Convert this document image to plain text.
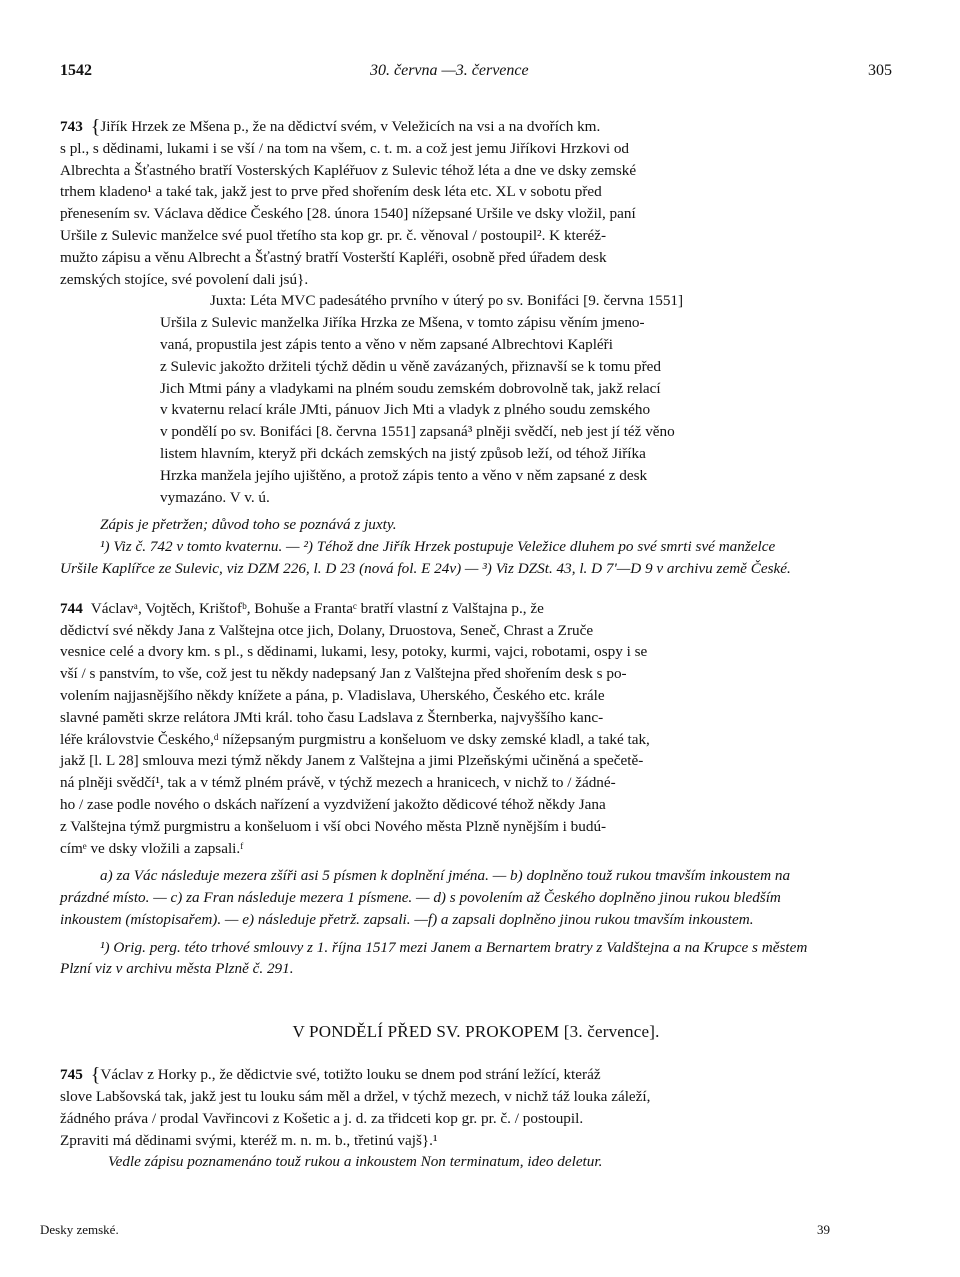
1542	30. června —3. července	305

743 {Jiřík Hrzek ze Mšena p., že na dědictví svém, v Veležicích na vsi a na dvořích km.

s pl., s dědinami, lukami i se vší / na tom na všem, c. t. m. a což jest jemu Jiříkovi Hrzkovi od

Albrechta a Šťastného bratří Vosterských Kapléřuov z Sulevic téhož léta a dne ve dsky zemské

trhem kladeno¹ a také tak, jakž jest to prve před shořením desk léta etc. XL v sobotu před

přenesením sv. Václava dědice Českého [28. února 1540] nížepsané Uršile ve dsky vložil, paní

Uršile z Sulevic manželce své puol třetího sta kop gr. pr. č. věnoval / postoupil². K kteréž-

mužto zápisu a věnu Albrecht a Šťastný bratří Vosterští Kapléři, osobně před úřadem desk

zemských stojíce, své povolení dali jsú}.

Juxta: Léta MVC padesátého prvního v úterý po sv. Bonifáci [9. června 1551]

Uršila z Sulevic manželka Jiříka Hrzka ze Mšena, v tomto zápisu věním jmeno-

vaná, propustila jest zápis tento a věno v něm zapsané Albrechtovi Kapléři

z Sulevic jakožto držiteli týchž dědin u věně zavázaných, přiznavší se k tomu před

Jich Mtmi pány a vladykami na plném soudu zemském dobrovolně tak, jakž relací

v kvaternu relací krále JMti, pánuov Jich Mti a vladyk z plného soudu zemského

v pondělí po sv. Bonifáci [8. června 1551] zapsaná³ plněji svědčí, neb jest jí též věno

listem hlavním, kteryž při dckách zemských na jistý způsob leží, od téhož Jiříka

Hrzka manžela jejího ujištěno, a protož zápis tento a věno v něm zapsané z desk

vymazáno. V v. ú.

Zápis je přetržen; důvod toho se poznává z juxty.

¹) Viz č. 742 v tomto kvaternu. — ²) Téhož dne Jiřík Hrzek postupuje Veležice dluhem po své smrti své manželce

Uršile Kaplířce ze Sulevic, viz DZM 226, l. D 23 (nová fol. E 24v) — ³) Viz DZSt. 43, l. D 7'—D 9 v archivu země České.

744 Václavᵃ, Vojtěch, Krištofᵇ, Bohuše a Frantaᶜ bratří vlastní z Valštajna p., že

dědictví své někdy Jana z Valštejna otce jich, Dolany, Druostova, Seneč, Chrast a Zruče

vesnice celé a dvory km. s pl., s dědinami, lukami, lesy, potoky, kurmi, vajci, robotami, ospy i se

vší / s panstvím, to vše, což jest tu někdy nadepsaný Jan z Valštejna před shořením desk s po-

volením najjasnějšího někdy knížete a pána, p. Vladislava, Uherského, Českého etc. krále

slavné paměti skrze relátora JMti král. toho času Ladslava z Šternberka, najvyššího kanc-

léře královstvie Českého,ᵈ nížepsaným purgmistru a konšeluom ve dsky zemské kladl, a také tak,

jakž [l. L 28] smlouva mezi týmž někdy Janem z Valštejna a jimi Plzeňskými učiněná a spečetě-

ná plněji svědčí¹, tak a v témž plném právě, v týchž mezech a hranicech, v nichž to / žádné-

ho / zase podle nového o dskách nařízení a vyzdvižení jakožto dědicové téhož někdy Jana

z Valštejna týmž purgmistru a konšeluom i vší obci Nového města Plzně nynějším i budú-

címᵉ ve dsky vložili a zapsali.ᶠ

a) za Vác následuje mezera zšíři asi 5 písmen k doplnění jména. — b) doplněno touž rukou tmavším inkoustem na

prázdné místo. — c) za Fran následuje mezera 1 písmene. — d) s povolením až Českého doplněno jinou rukou bledším

inkoustem (místopisařem). — e) následuje přetrž. zapsali. —f) a zapsali doplněno jinou rukou tmavším inkoustem.

¹) Orig. perg. této trhové smlouvy z 1. října 1517 mezi Janem a Bernartem bratry z Valdštejna a na Krupce s městem

Plzní viz v archivu města Plzně č. 291.

V PONDĚLÍ PŘED SV. PROKOPEM [3. července].

745 {Václav z Horky p., že dědictvie své, totižto louku se dnem pod strání ležící, kteráž

slove Labšovská tak, jakž jest tu louku sám měl a držel, v týchž mezech, v nichž táž louka záleží,

žádného práva / prodal Vavřincovi z Košetic a j. d. za třidceti kop gr. pr. č. / postoupil.

Zpraviti má dědinami svými, kteréž m. n. m. b., třetinú vajš}.¹

Vedle zápisu poznamenáno touž rukou a inkoustem Non terminatum, ideo deletur.

Desky zemské.	39
